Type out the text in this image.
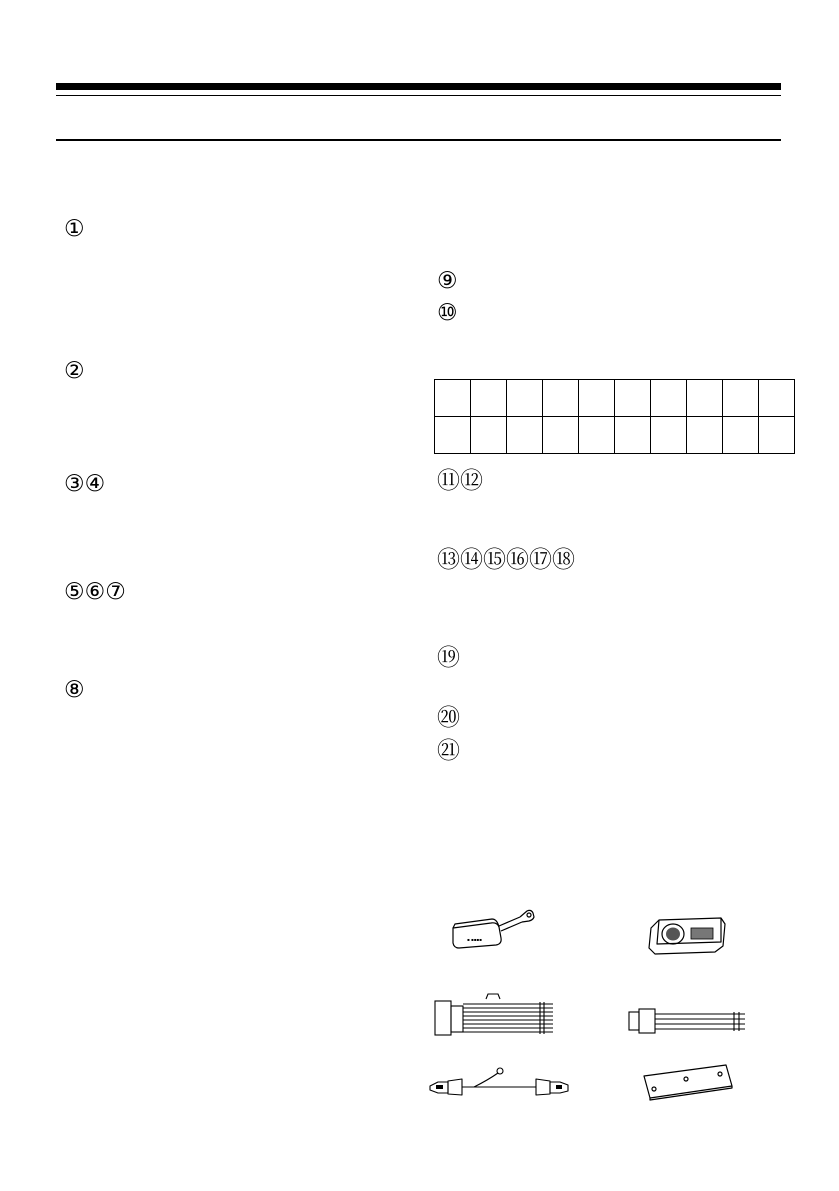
①
②
③④
⑤⑥⑦
⑧
⑨
⑩

⑪⑫
⑬⑭⑮⑯⑰⑱
⑲
⑳
㉑
▪ ▪▪▪▪
